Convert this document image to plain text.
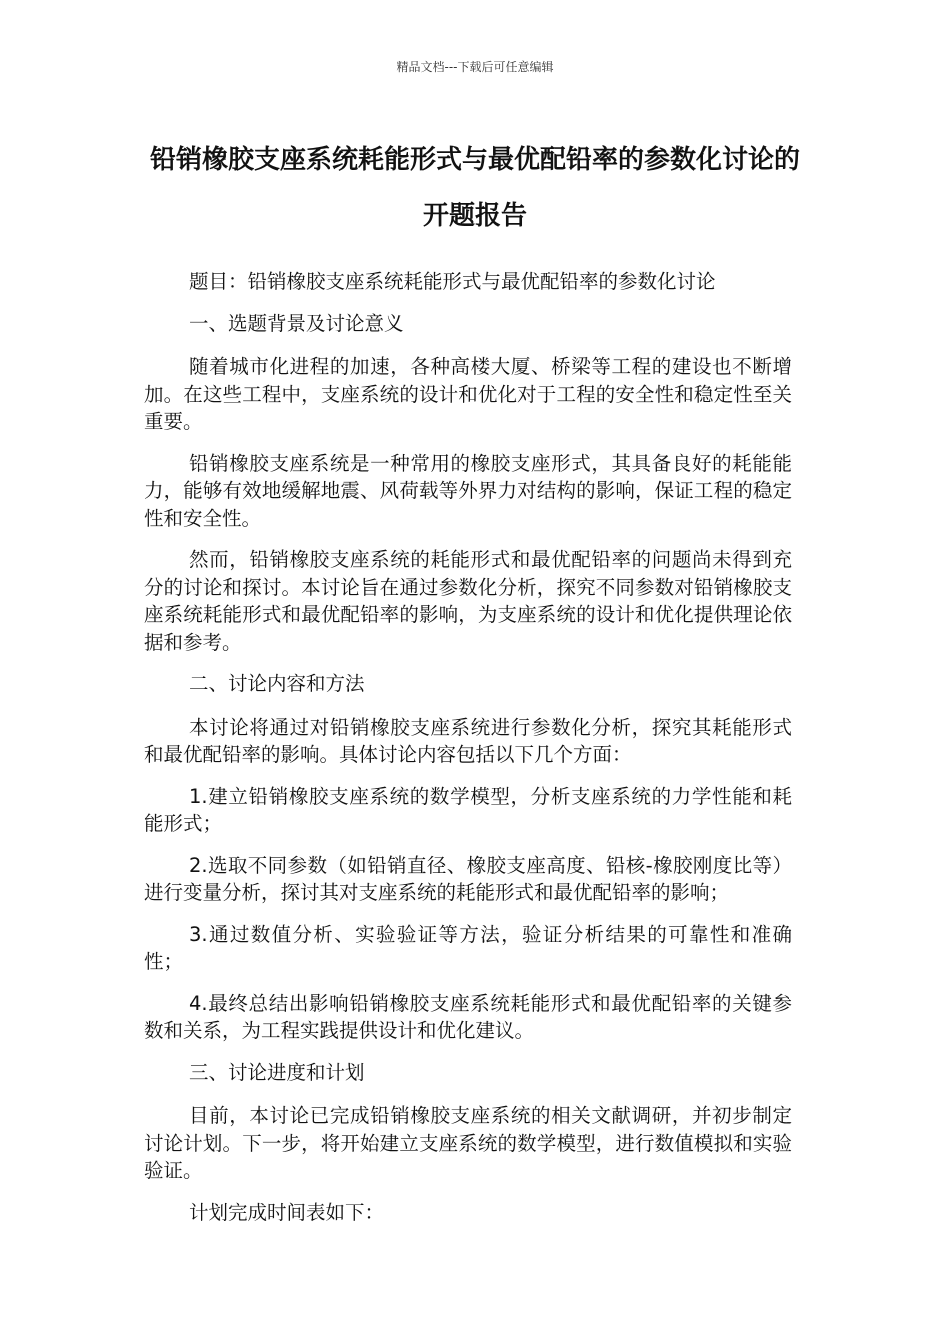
精品文档---下载后可任意编辑
铅销橡胶支座系统耗能形式与最优配铅率的参数化讨论的开题报告

题目：铅销橡胶支座系统耗能形式与最优配铅率的参数化讨论

一、选题背景及讨论意义

随着城市化进程的加速，各种高楼大厦、桥梁等工程的建设也不断增加。在这些工程中，支座系统的设计和优化对于工程的安全性和稳定性至关重要。

铅销橡胶支座系统是一种常用的橡胶支座形式，其具备良好的耗能能力，能够有效地缓解地震、风荷载等外界力对结构的影响，保证工程的稳定性和安全性。

然而，铅销橡胶支座系统的耗能形式和最优配铅率的问题尚未得到充分的讨论和探讨。本讨论旨在通过参数化分析，探究不同参数对铅销橡胶支座系统耗能形式和最优配铅率的影响，为支座系统的设计和优化提供理论依据和参考。

二、讨论内容和方法

本讨论将通过对铅销橡胶支座系统进行参数化分析，探究其耗能形式和最优配铅率的影响。具体讨论内容包括以下几个方面：

1.建立铅销橡胶支座系统的数学模型，分析支座系统的力学性能和耗能形式；

2.选取不同参数（如铅销直径、橡胶支座高度、铅核-橡胶刚度比等）进行变量分析，探讨其对支座系统的耗能形式和最优配铅率的影响；

3.通过数值分析、实验验证等方法，验证分析结果的可靠性和准确性；

4.最终总结出影响铅销橡胶支座系统耗能形式和最优配铅率的关键参数和关系，为工程实践提供设计和优化建议。

三、讨论进度和计划

目前，本讨论已完成铅销橡胶支座系统的相关文献调研，并初步制定讨论计划。下一步，将开始建立支座系统的数学模型，进行数值模拟和实验验证。

计划完成时间表如下：
